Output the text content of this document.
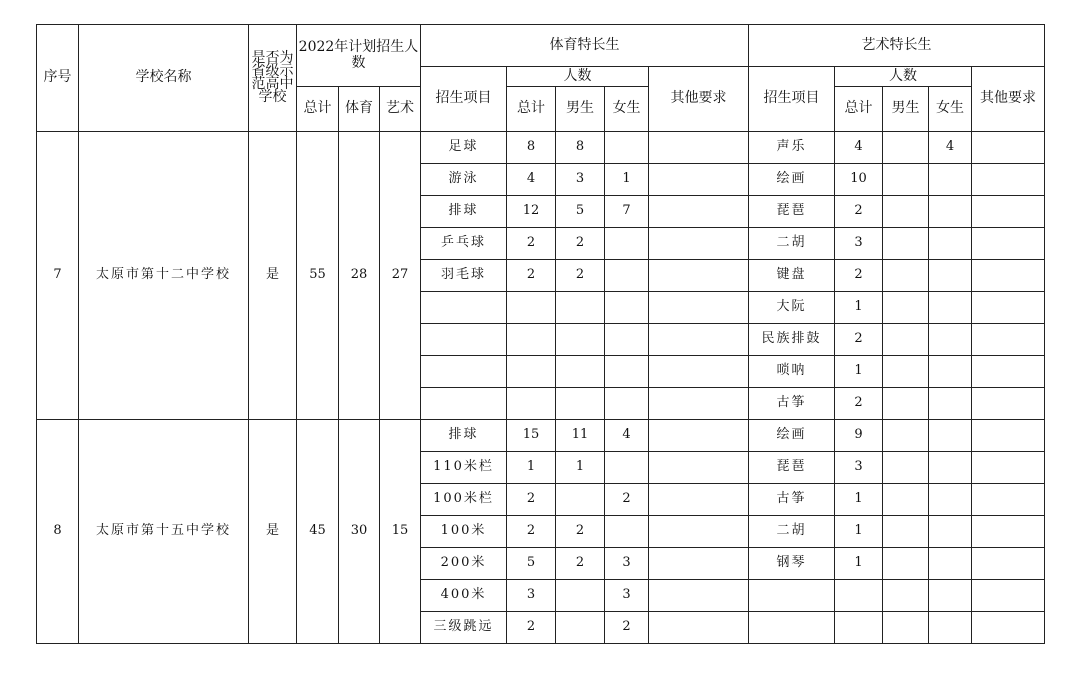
序号	学校名称	是否为省级示范高中学校	2022年计划招生人数			体育特长生					艺术特长生				
						招生项目	人数			其他要求	招生项目	人数			其他要求
			总计	体育	艺术		总计	男生	女生			总计	男生	女生	
7	太原市第十二中学校	是	55	28	27	足球	8	8			声乐	4		4	
						游泳	4	3	1		绘画	10			
						排球	12	5	7		琵琶	2			
						乒乓球	2	2			二胡	3			
						羽毛球	2	2			键盘	2			
											大阮	1			
											民族排鼓	2			
											唢呐	1			
											古筝	2			
8	太原市第十五中学校	是	45	30	15	排球	15	11	4		绘画	9			
						110米栏	1	1			琵琶	3			
						100米栏	2		2		古筝	1			
						100米	2	2			二胡	1			
						200米	5	2	3		钢琴	1			
						400米	3		3						
						三级跳远	2		2						
